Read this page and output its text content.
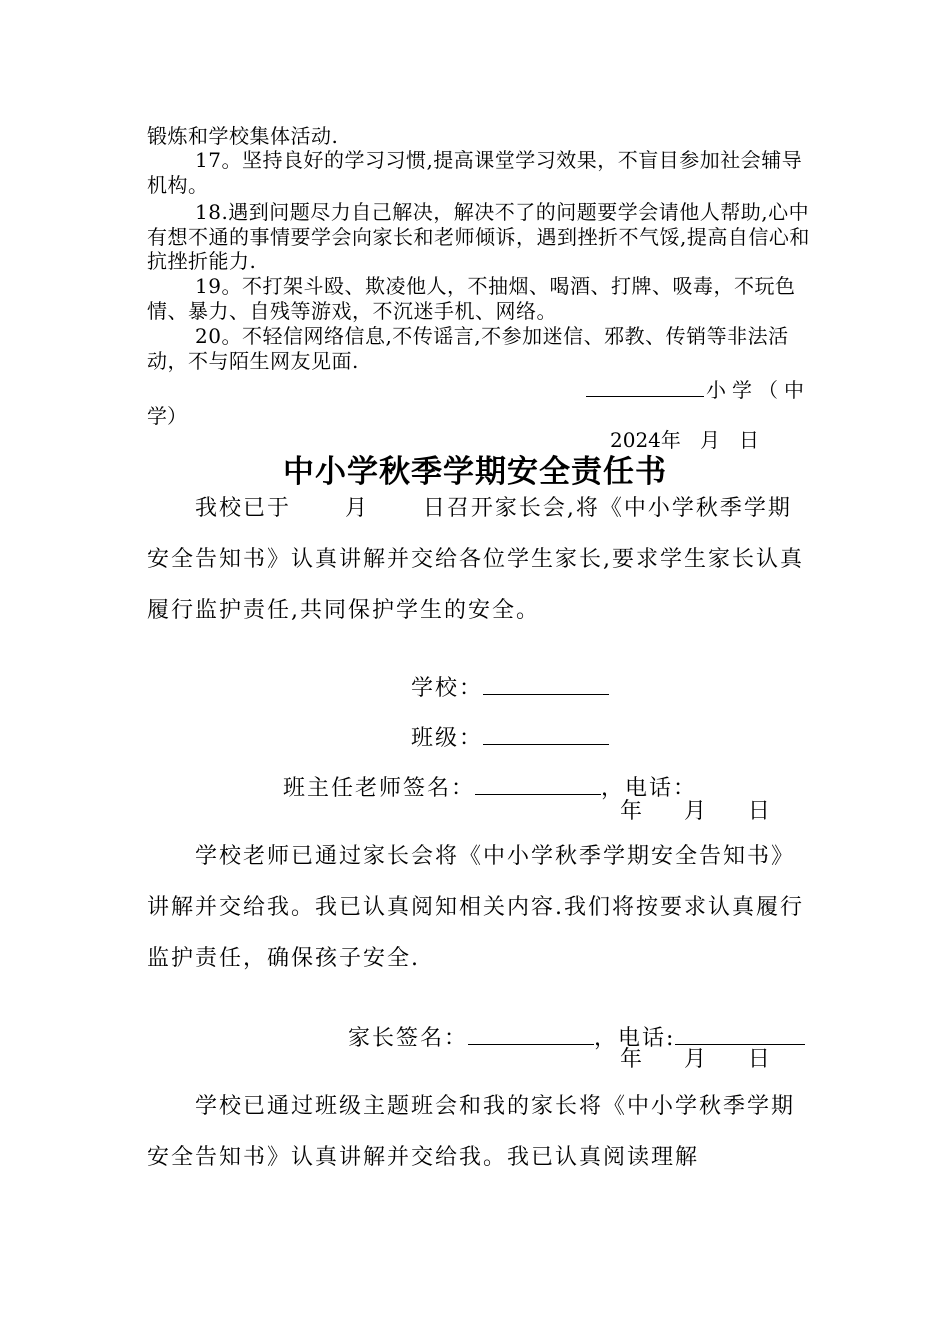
锻炼和学校集体活动.
17。坚持良好的学习习惯,提高课堂学习效果，不盲目参加社会辅导机构。
18.遇到问题尽力自己解决，解决不了的问题要学会请他人帮助,心中有想不通的事情要学会向家长和老师倾诉，遇到挫折不气馁,提高自信心和抗挫折能力.
19。不打架斗殴、欺凌他人，不抽烟、喝酒、打牌、吸毒，不玩色情、暴力、自残等游戏，不沉迷手机、网络。
20。不轻信网络信息,不传谣言,不参加迷信、邪教、传销等非法活动，不与陌生网友见面.
小学（中
学）
2024年   月   日
中小学秋季学期安全责任书
我校已于      月      日召开家长会,将《中小学秋季学期安全告知书》认真讲解并交给各位学生家长,要求学生家长认真履行监护责任,共同保护学生的安全。

学校：

班级：

班主任老师签名：	，电话：

年      月      日
学校老师已通过家长会将《中小学秋季学期安全告知书》讲解并交给我。我已认真阅知相关内容.我们将按要求认真履行监护责任，确保孩子安全.

家长签名：	，电话:

年      月      日
学校已通过班级主题班会和我的家长将《中小学秋季学期安全告知书》认真讲解并交给我。我已认真阅读理解
